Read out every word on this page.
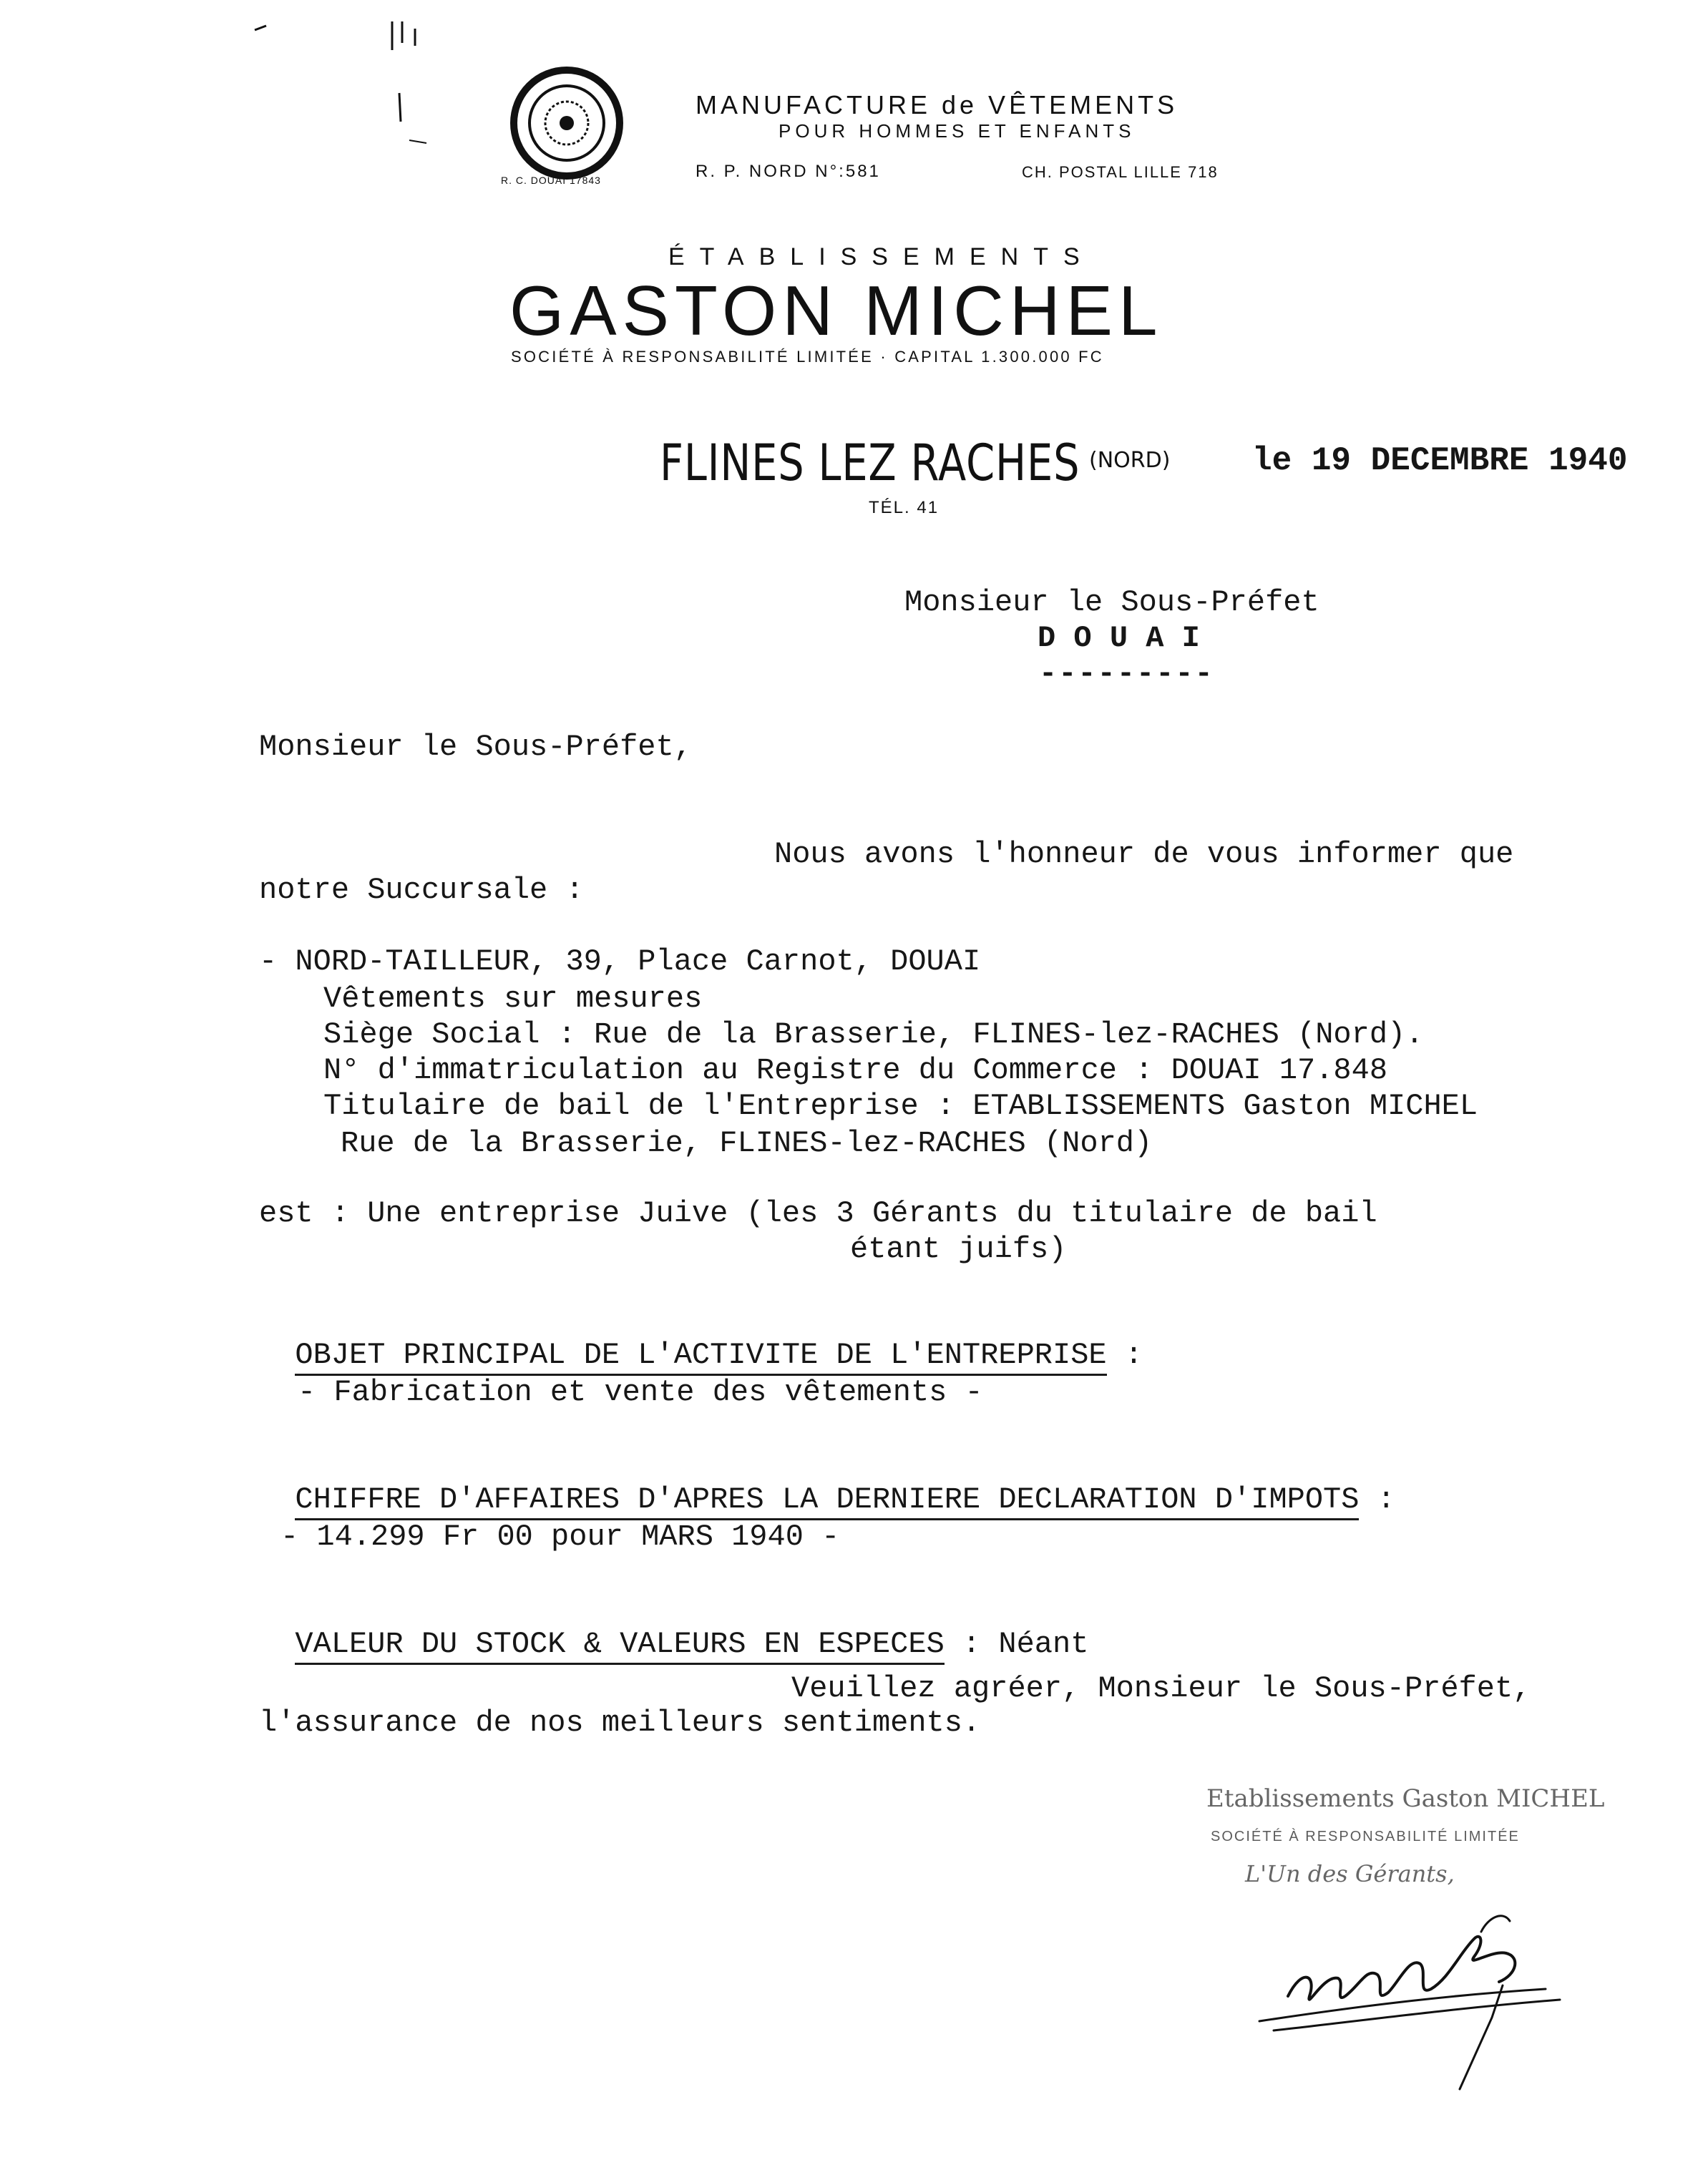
R. C. DOUAI 17843
MANUFACTURE de VÊTEMENTS
POUR HOMMES ET ENFANTS
R. P. NORD N°:581	CH. POSTAL LILLE 718
ÉTABLISSEMENTS
GASTON MICHEL
SOCIÉTÉ À RESPONSABILITÉ LIMITÉE · CAPITAL 1.300.000 FC

FLINES LEZ RACHES
(NORD)
TÉL. 41
le 19 DECEMBRE 1940
Monsieur le Sous-Préfet
D O U A I
---------
Monsieur le Sous-Préfet,
Nous avons l'honneur de vous informer que
notre Succursale :
- NORD-TAILLEUR, 39, Place Carnot, DOUAI
Vêtements sur mesures
Siège Social : Rue de la Brasserie, FLINES-lez-RACHES (Nord).
N° d'immatriculation au Registre du Commerce : DOUAI 17.848
Titulaire de bail de l'Entreprise : ETABLISSEMENTS Gaston MICHEL
Rue de la Brasserie, FLINES-lez-RACHES (Nord)
est : Une entreprise Juive (les 3 Gérants du titulaire de bail
étant juifs)

OBJET PRINCIPAL DE L'ACTIVITE DE L'ENTREPRISE :

- Fabrication et vente des vêtements -

CHIFFRE D'AFFAIRES D'APRES LA DERNIERE DECLARATION D'IMPOTS :

- 14.299 Fr 00 pour MARS 1940 -

VALEUR DU STOCK & VALEURS EN ESPECES : Néant

Veuillez agréer, Monsieur le Sous-Préfet,
l'assurance de nos meilleurs sentiments.
Etablissements Gaston MICHEL
SOCIÉTÉ À RESPONSABILITÉ LIMITÉE
L'Un des Gérants,
